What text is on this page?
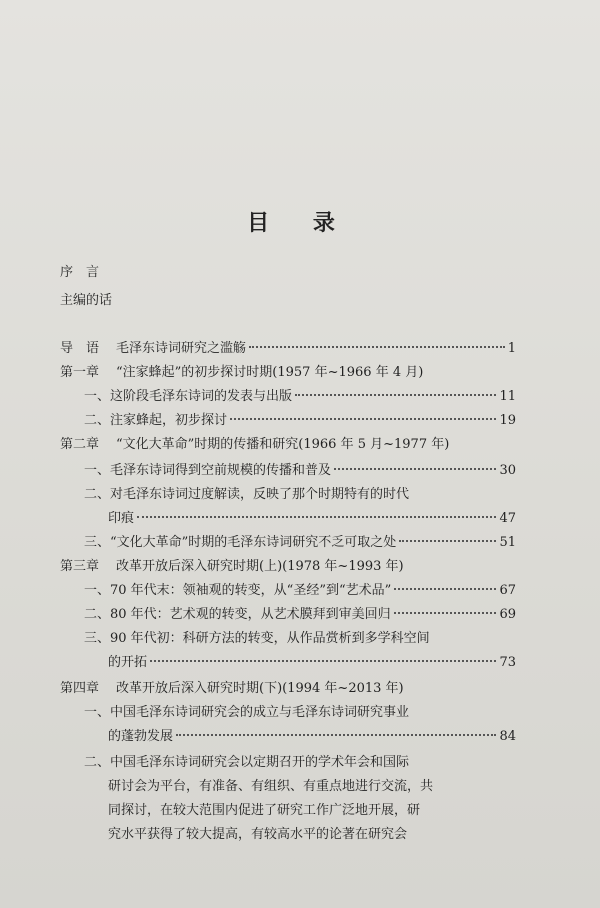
目 录
序　言
主编的话
导　语 毛泽东诗词研究之滥觞	1
第一章 “注家蜂起”的初步探讨时期(1957 年~1966 年 4 月)
一、这阶段毛泽东诗词的发表与出版	11
二、注家蜂起，初步探讨	19
第二章 “文化大革命”时期的传播和研究(1966 年 5 月~1977 年)
一、毛泽东诗词得到空前规模的传播和普及	30
二、对毛泽东诗词过度解读，反映了那个时期特有的时代
印痕	47
三、“文化大革命”时期的毛泽东诗词研究不乏可取之处	51
第三章 改革开放后深入研究时期(上)(1978 年~1993 年)
一、70 年代末：领袖观的转变，从“圣经”到“艺术品”	67
二、80 年代：艺术观的转变，从艺术膜拜到审美回归	69
三、90 年代初：科研方法的转变，从作品赏析到多学科空间
的开拓	73
第四章 改革开放后深入研究时期(下)(1994 年~2013 年)
一、中国毛泽东诗词研究会的成立与毛泽东诗词研究事业
的蓬勃发展	84
二、中国毛泽东诗词研究会以定期召开的学术年会和国际
研讨会为平台，有准备、有组织、有重点地进行交流，共
同探讨，在较大范围内促进了研究工作广泛地开展，研
究水平获得了较大提高，有较高水平的论著在研究会
